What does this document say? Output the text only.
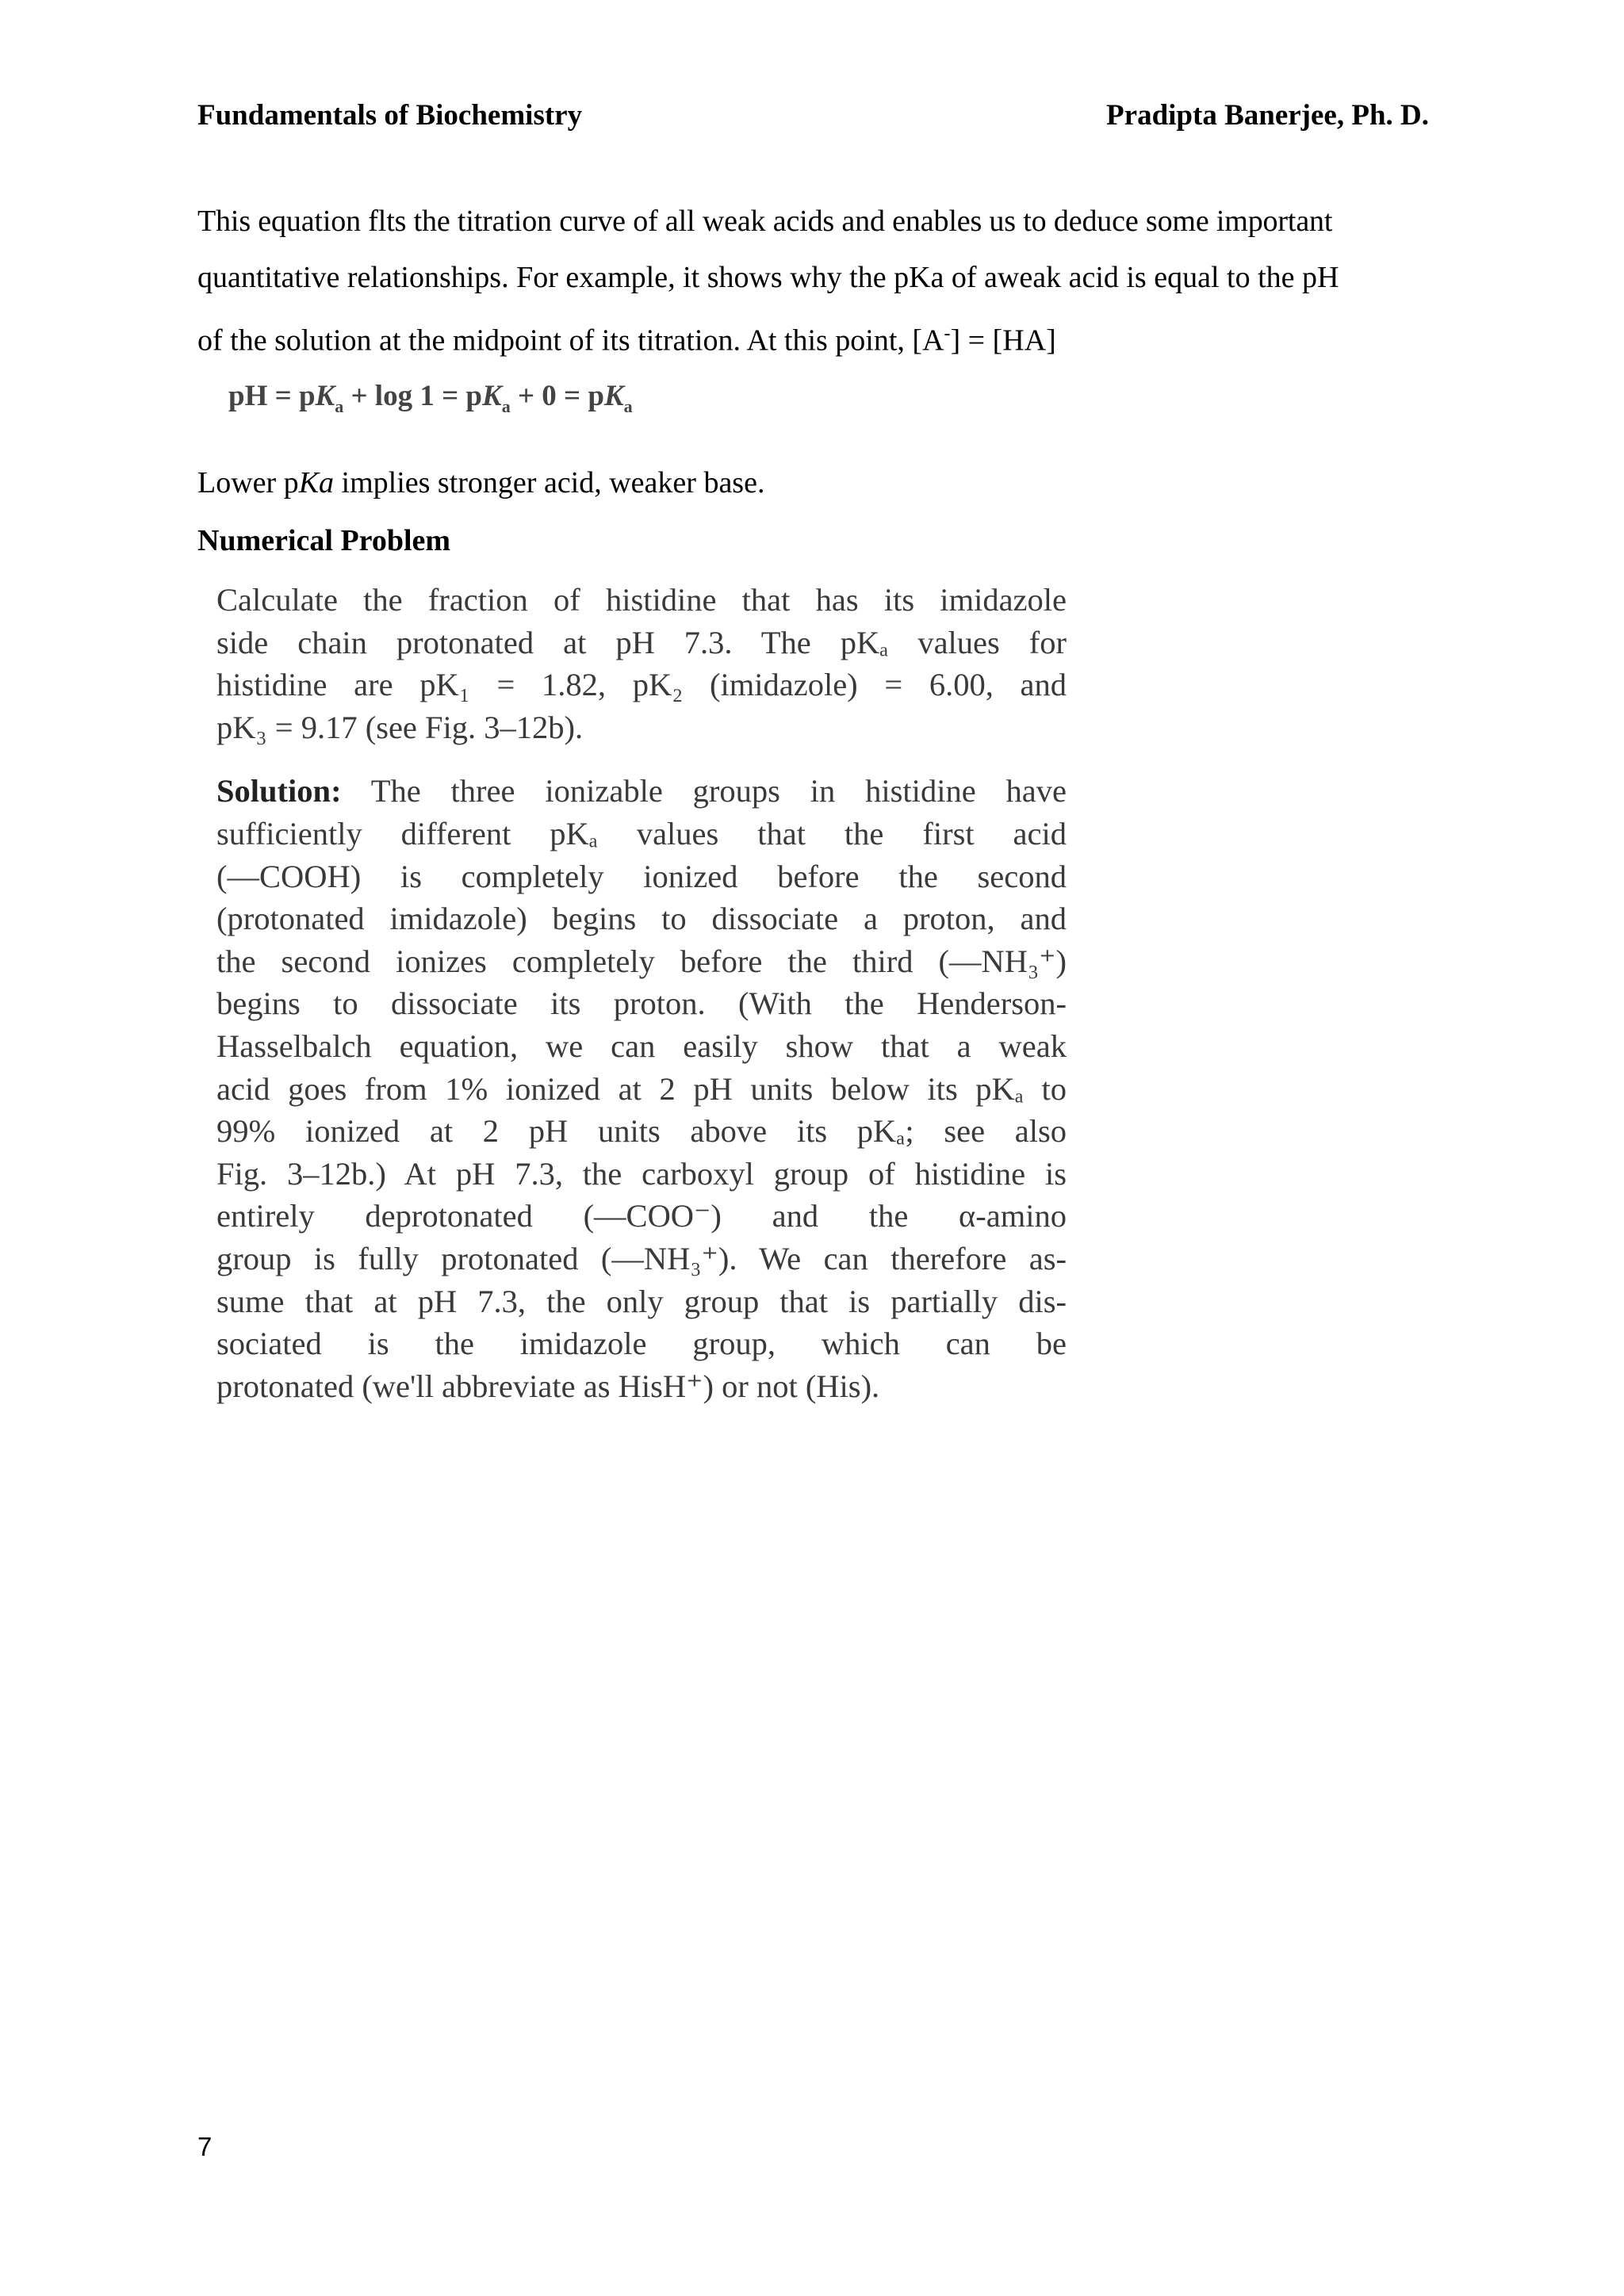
Fundamentals of Biochemistry	Pradipta Banerjee, Ph. D.

This equation flts the titration curve of all weak acids and enables us to deduce some important
quantitative relationships. For example, it shows why the pKa of aweak acid is equal to the pH
of the solution at the midpoint of its titration. At this point, [A-] = [HA]

pH = $pK_a + \log 1 = pK_a + 0 = pK_a$
Lower pKa implies stronger acid, weaker base.
Numerical Problem
Calculate the fraction of histidine that has its imidazole
side chain protonated at pH 7.3. The pKₐ values for
histidine are pK₁ = 1.82, pK₂ (imidazole) = 6.00, and
pK₃ = 9.17 (see Fig. 3–12b).
Solution: The three ionizable groups in histidine have
sufficiently different pKₐ values that the first acid
(—COOH) is completely ionized before the second
(protonated imidazole) begins to dissociate a proton, and
the second ionizes completely before the third (—NH₃⁺)
begins to dissociate its proton. (With the Henderson-
Hasselbalch equation, we can easily show that a weak
acid goes from 1% ionized at 2 pH units below its pKₐ to
99% ionized at 2 pH units above its pKₐ; see also
Fig. 3–12b.) At pH 7.3, the carboxyl group of histidine is
entirely deprotonated (—COO⁻) and the α-amino
group is fully protonated (—NH₃⁺). We can therefore as-
sume that at pH 7.3, the only group that is partially dis-
sociated is the imidazole group, which can be
protonated (we'll abbreviate as HisH⁺) or not (His).
7
